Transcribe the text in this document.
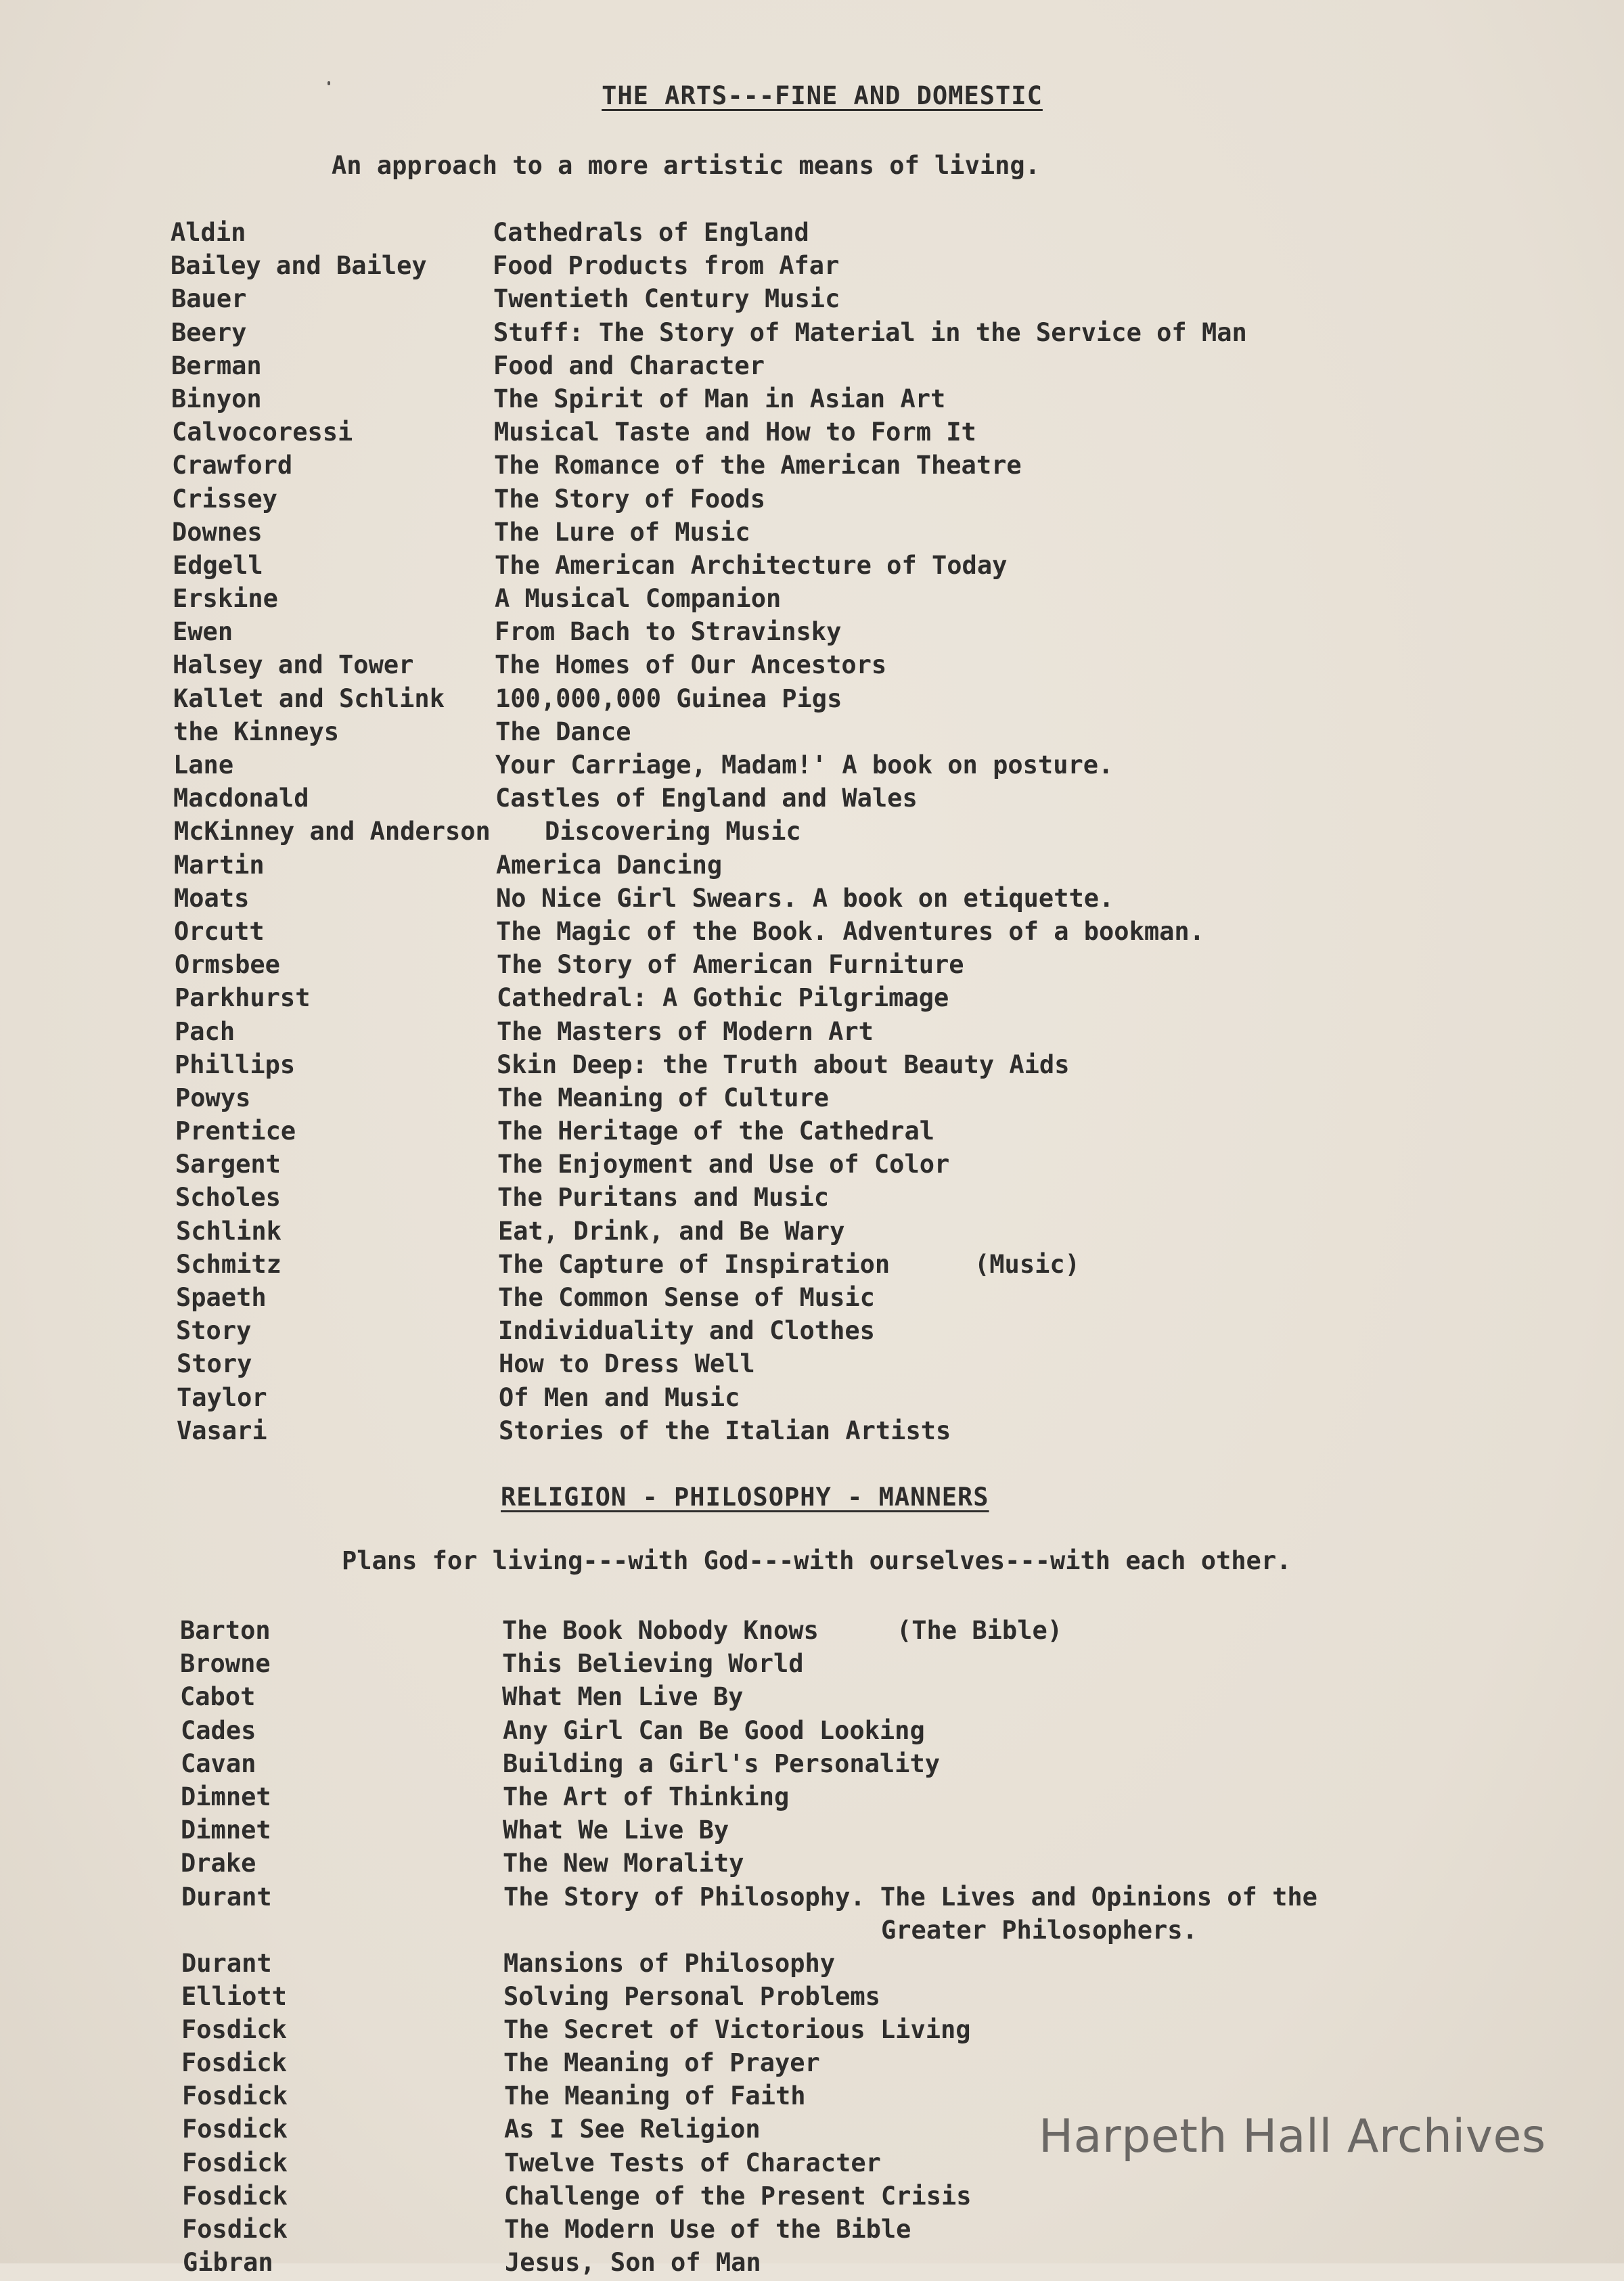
THE ARTS---FINE AND DOMESTIC
An approach to a more artistic means of living.
Aldin	Cathedrals of England
Bailey and Bailey	Food Products from Afar
Bauer	Twentieth Century Music
Beery	Stuff: The Story of Material in the Service of Man
Berman	Food and Character
Binyon	The Spirit of Man in Asian Art
Calvocoressi	Musical Taste and How to Form It
Crawford	The Romance of the American Theatre
Crissey	The Story of Foods
Downes	The Lure of Music
Edgell	The American Architecture of Today
Erskine	A Musical Companion
Ewen	From Bach to Stravinsky
Halsey and Tower	The Homes of Our Ancestors
Kallet and Schlink 100,000,000 Guinea Pigs
the Kinneys	The Dance
Lane	Your Carriage, Madam!' A book on posture.
Macdonald	Castles of England and Wales
McKinney and Anderson Discovering Music
Martin	America Dancing
Moats	No Nice Girl Swears. A book on etiquette.
Orcutt	The Magic of the Book. Adventures of a bookman.
Ormsbee	The Story of American Furniture
Parkhurst	Cathedral: A Gothic Pilgrimage
Pach	The Masters of Modern Art
Phillips	Skin Deep: the Truth about Beauty Aids
Powys	The Meaning of Culture
Prentice	The Heritage of the Cathedral
Sargent	The Enjoyment and Use of Color
Scholes	The Puritans and Music
Schlink	Eat, Drink, and Be Wary
Schmitz	The Capture of Inspiration	(Music)
Spaeth	The Common Sense of Music
Story	Individuality and Clothes
Story	How to Dress Well
Taylor	Of Men and Music
Vasari	Stories of the Italian Artists
RELIGION - PHILOSOPHY - MANNERS
Plans for living---with God---with ourselves---with each other.
Barton	The Book Nobody Knows	(The Bible)
Browne	This Believing World
Cabot	What Men Live By
Cades	Any Girl Can Be Good Looking
Cavan	Building a Girl's Personality
Dimnet	The Art of Thinking
Dimnet	What We Live By
Drake	The New Morality
Durant	The Story of Philosophy. The Lives and Opinions of the
Greater Philosophers.
Durant	Mansions of Philosophy
Elliott	Solving Personal Problems
Fosdick	The Secret of Victorious Living
Fosdick	The Meaning of Prayer
Fosdick	The Meaning of Faith
Fosdick	As I See Religion
Fosdick	Twelve Tests of Character
Fosdick	Challenge of the Present Crisis
Fosdick	The Modern Use of the Bible
Gibran	Jesus, Son of Man
Harpeth Hall Archives
